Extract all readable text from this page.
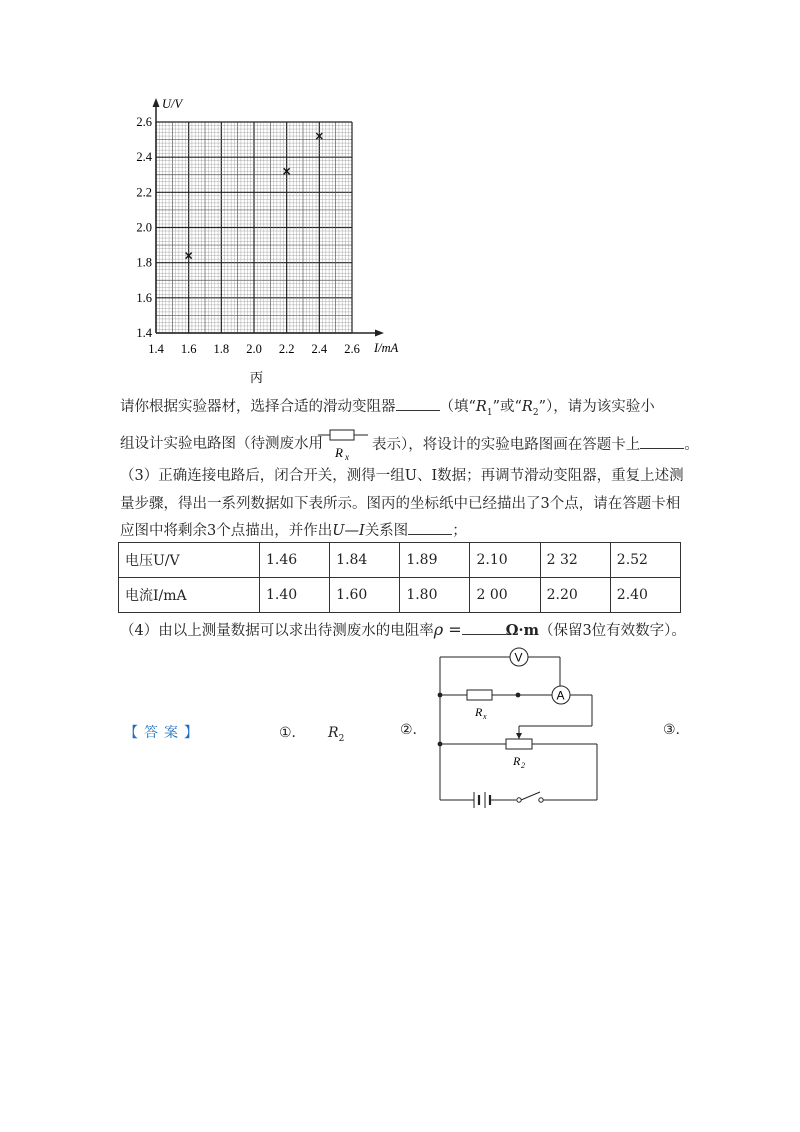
U/V
I/mA
2.6
2.4
2.2
2.0
1.8
1.6
1.4
1.4 1.6 1.8 2.0 2.2 2.4 2.6
丙
请你根据实验器材，选择合适的滑动变阻器	（填“$R_1$”或“$R_2$”），请为该实验小
组设计实验电路图（待测废水用
R x
表示），将设计的实验电路图画在答题卡上	。
（3）正确连接电路后，闭合开关，测得一组U、I数据；再调节滑动变阻器，重复上述测
量步骤，得出一系列数据如下表所示。图丙的坐标纸中已经描出了3个点，请在答题卡相
应图中将剩余3个点描出，并作出U—I关系图	；
电压U/V	1.46	1.84	1.89	2.10	2 32	2.52
电流I/mA	1.40	1.60	1.80	2 00	2.20	2.40
（4）由以上测量数据可以求出待测废水的电阻率ρ =	Ω·m（保留3位有效数字）。
【答案】	①． $R_2$
②.	③.
V
A
R x
R 2
